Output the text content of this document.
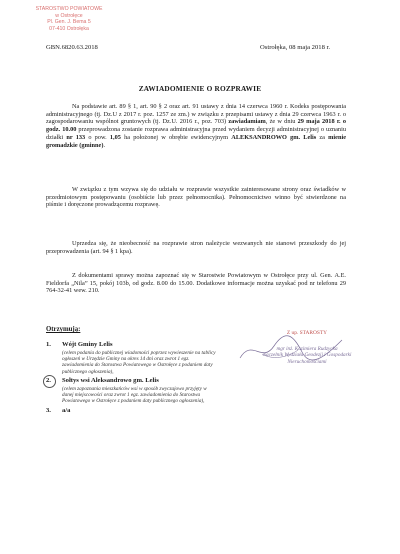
STAROSTWO POWIATOWE
w Ostrołęce
Pl. Gen. J. Bema 5
07-410 Ostrołęka
GBN.6820.63.2018	Ostrołęka, 08 maja 2018 r.
ZAWIADOMIENIE O ROZPRAWIE

Na podstawie art. 89 § 1, art. 90 § 2 oraz art. 91 ustawy z dnia 14 czerwca 1960 r. Kodeks postępowania administracyjnego (tj. Dz.U z 2017 r. poz. 1257 ze zm.) w związku z przepisami ustawy z dnia 29 czerwca 1963 r. o zagospodarowaniu wspólnot gruntowych (tj. Dz.U. 2016 r., poz. 703) zawiadamiam, że w dniu 29 maja 2018 r. o godz. 10.00 przeprowadzona zostanie rozprawa administracyjna przed wydaniem decyzji administracyjnej o uznaniu działki nr 133 o pow. 1,05 ha położonej w obrębie ewidencyjnym ALEKSANDROWO gm. Lelis za mienie gromadzkie (gminne).

W związku z tym wzywa się do udziału w rozprawie wszystkie zainteresowane strony oraz świadków w przedmiotowym postępowaniu (osobiście lub przez pełnomocnika). Pełnomocnictwo winno być stwierdzone na piśmie i doręczone prowadzącemu rozprawę.

Uprzedza się, że nieobecność na rozprawie stron należycie wezwanych nie stanowi przeszkody do jej przeprowadzenia (art. 94 § 1 kpa).

Z dokumentami sprawy można zapoznać się w Starostwie Powiatowym w Ostrołęce przy ul. Gen. A.E. Fieldorfa „Nila” 15, pokój 103b, od godz. 8.00 do 15.00. Dodatkowe informacje można uzyskać pod nr telefonu 29 764-32-41 wew. 210.

Otrzymują:
1. Wójt Gminy Lelis
(celem podania do publicznej wiadomości poprzez wywieszenie na tablicy ogłoszeń w Urzędzie Gminy na okres 14 dni oraz zwrot 1 egz. zawiadomienia do Starostwa Powiatowego w Ostrołęce z podaniem daty publicznego ogłoszenia),
2. Sołtys wsi Aleksandrowo gm. Lelis
(celem zapoznania mieszkańców wsi w sposób zwyczajowo przyjęty w danej miejscowości oraz zwrot 1 egz. zawiadomienia do Starostwa Powiatowego w Ostrołęce z podaniem daty publicznego ogłoszenia),
3. a/a
Z up. STAROSTY
mgr inż. Kazimiera Rudzycka
Naczelnik Wydziału Geodezji i Gospodarki
Nieruchomościami
